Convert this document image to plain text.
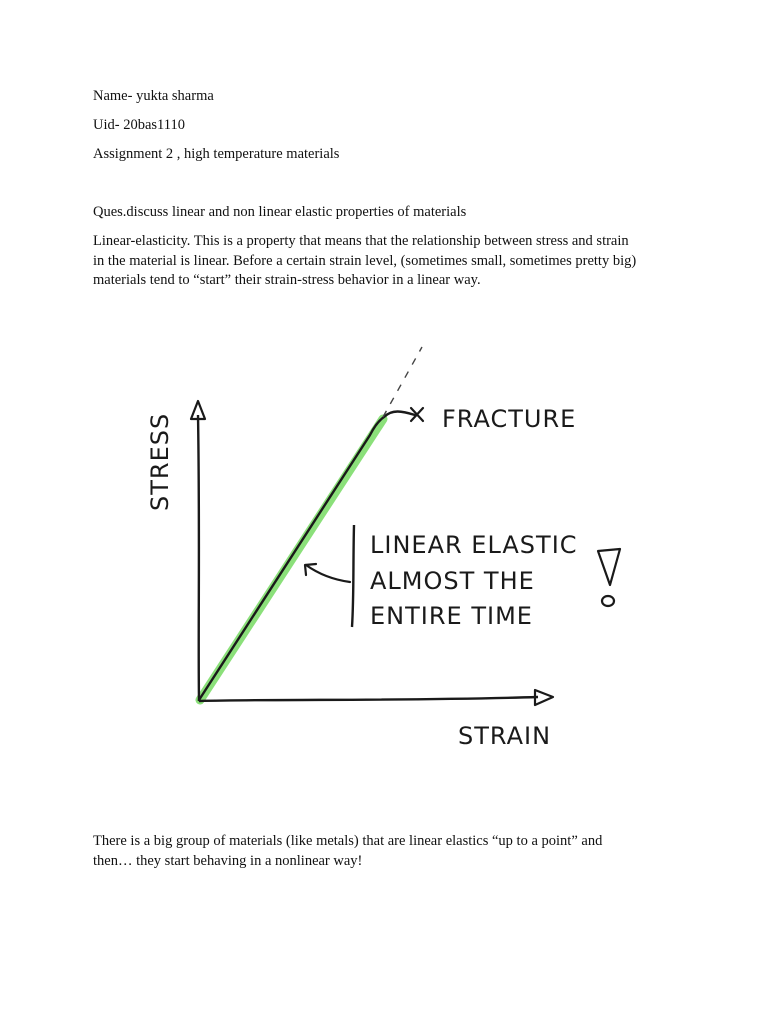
Name- yukta sharma
Uid- 20bas1110
Assignment 2 , high temperature materials
Ques.discuss linear and non linear elastic properties of materials

Linear-elasticity. This is a property that means that the relationship between stress and strain

in the material is linear. Before a certain strain level, (sometimes small, sometimes pretty big)

materials tend to “start” their strain-stress behavior in a linear way.

FRACTURE
STRESS
STRAIN
LINEAR ELASTIC
ALMOST THE
ENTIRE TIME

There is a big group of materials (like metals) that are linear elastics “up to a point” and

then… they start behaving in a nonlinear way!
